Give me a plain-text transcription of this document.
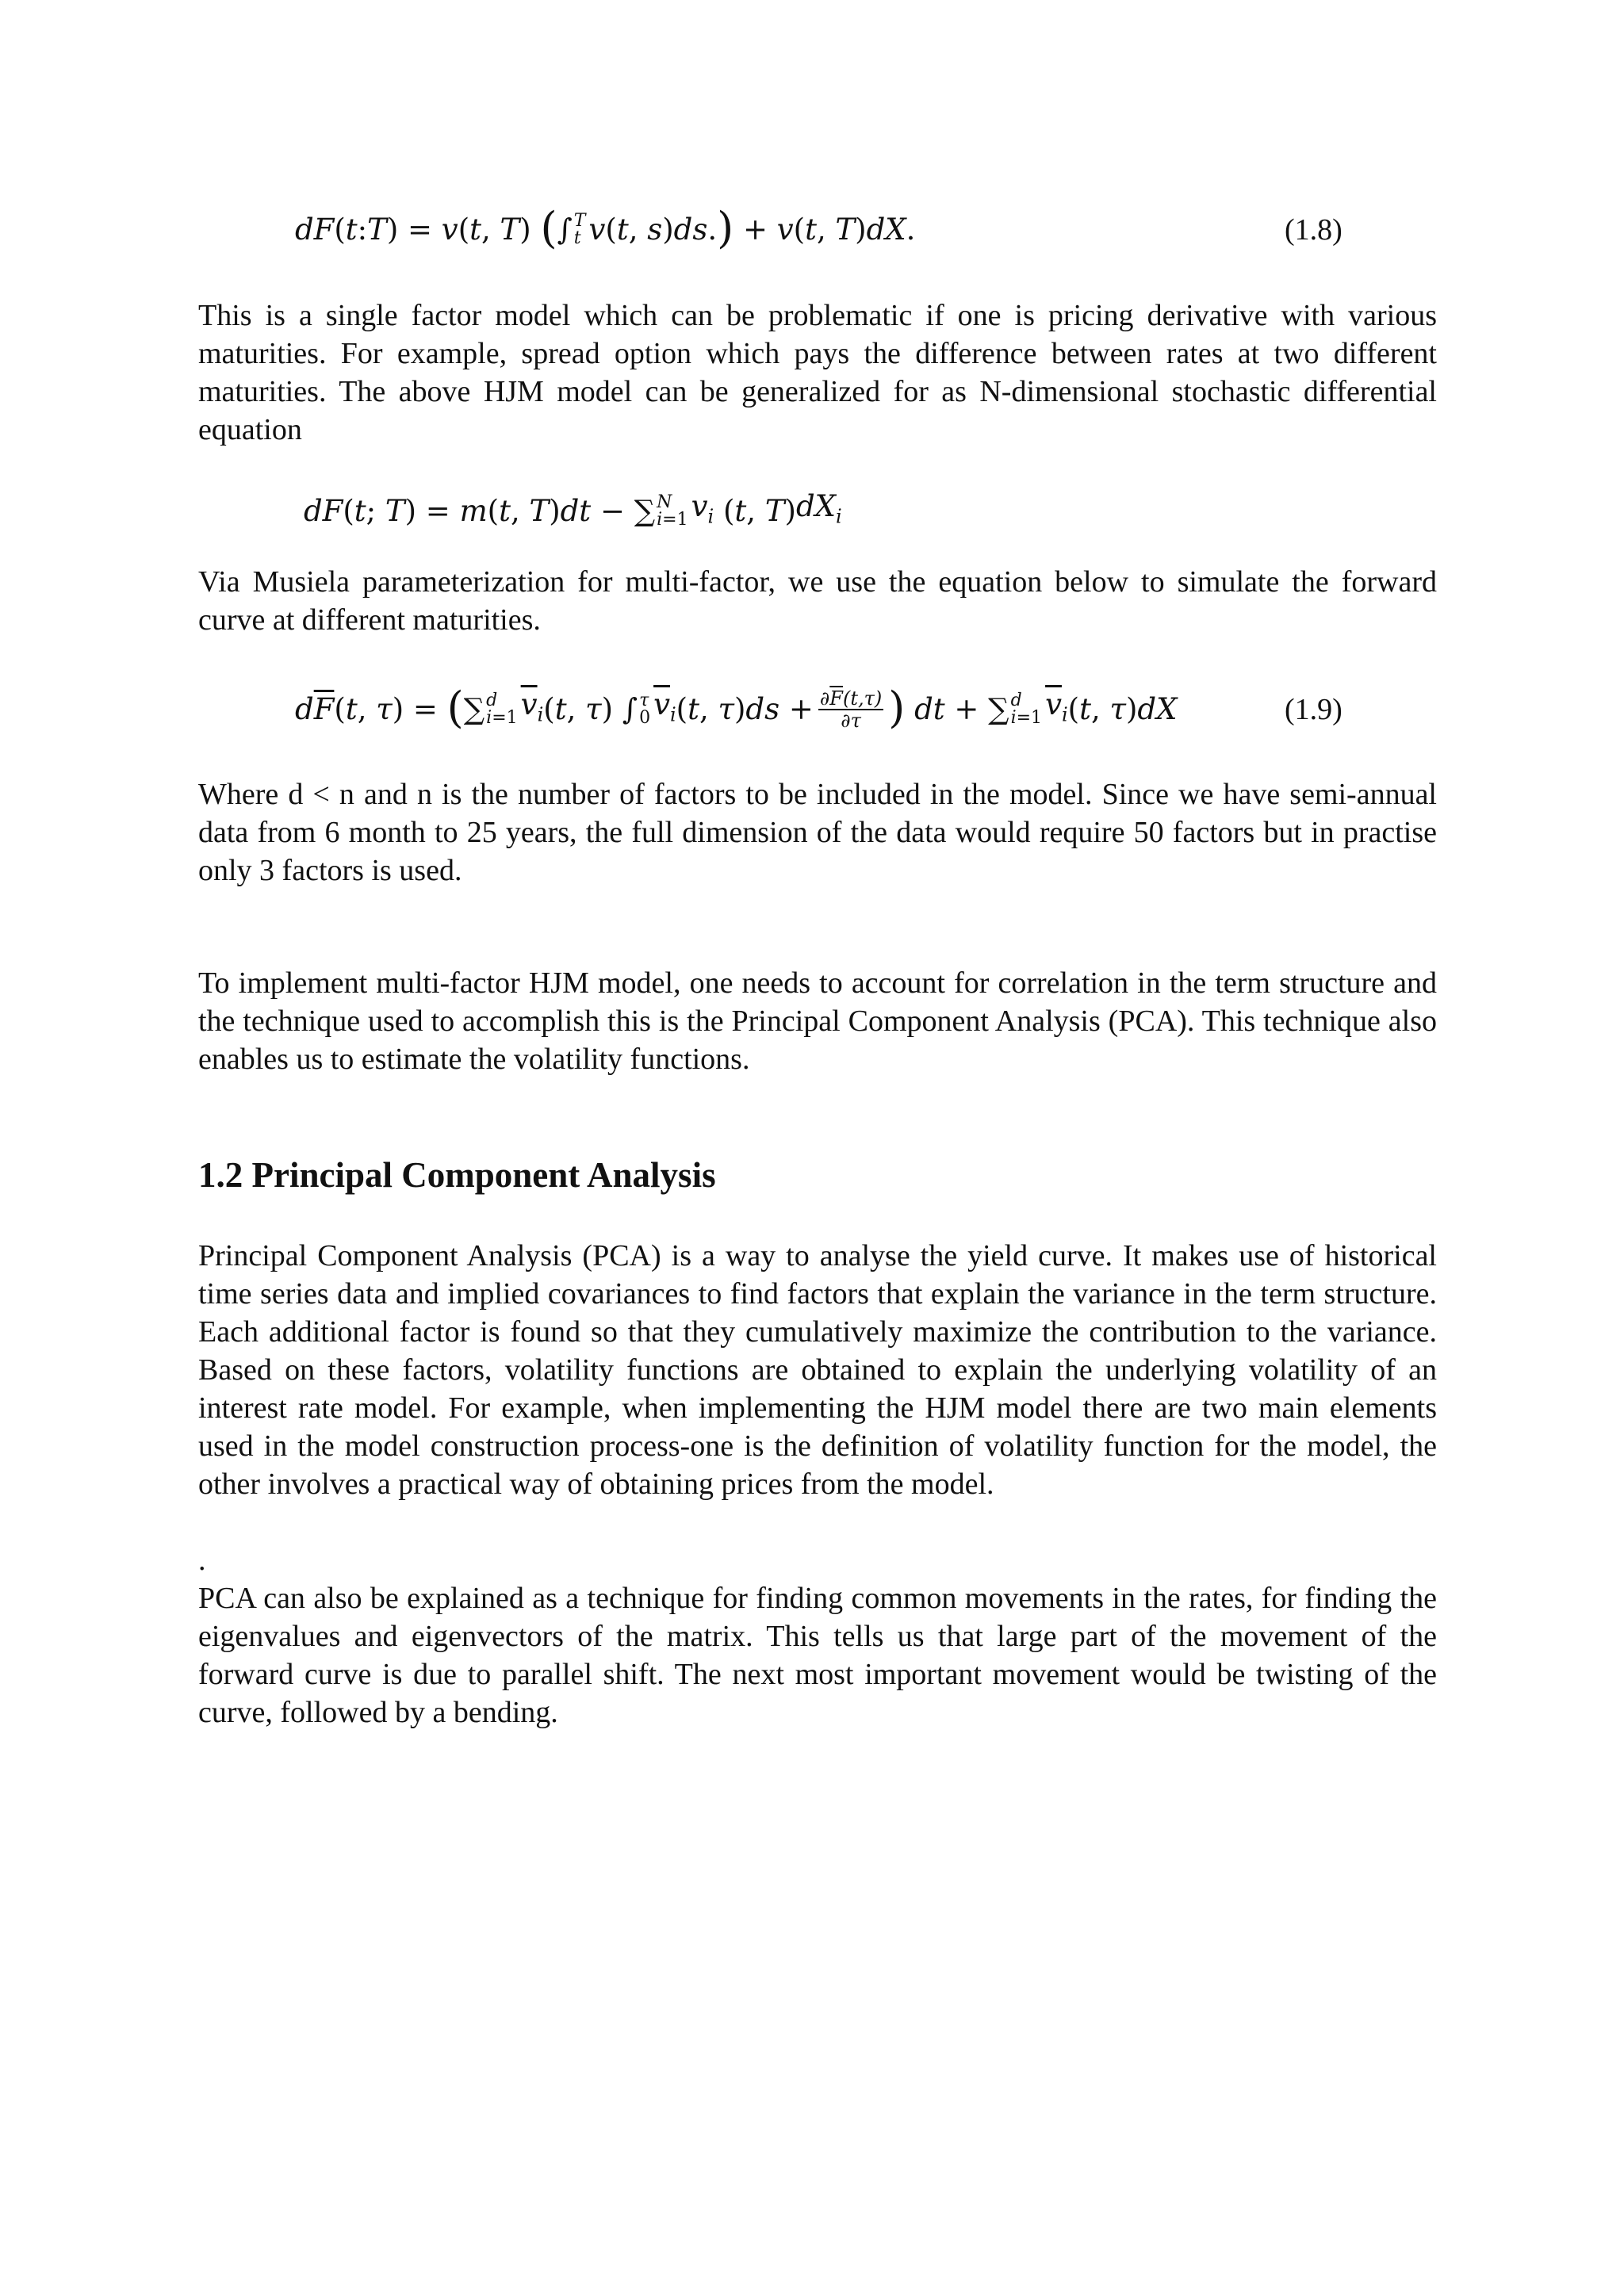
dF ( t : T ) = v ( t , T ) ( ∫ T
t v ( t , s ) ds . ) + v ( t , T ) dX .	(1.8)

This is a single factor model which can be problematic if one is pricing derivative with various maturities. For example, spread option which pays the difference between rates at two different maturities. The above HJM model can be generalized for as N-dimensional stochastic differential equation

dF ( t ; T ) = m ( t , T ) dt − ∑ N
i=1 $v_i$ ( t , T ) $dX_i$

Via Musiela parameterization for multi-factor, we use the equation below to simulate the forward curve at different maturities.

$d\overline{F}$ ( t , τ ) = ( ∑ d
i=1 $\overline{v}_i$ ( t , τ ) ∫ τ
0 $\overline{v}_i$ ( t , τ ) ds + $\frac{\partial\overline{F}(t,\tau)}{\partial\tau}$ ) dt + ∑ d
i=1 $\overline{v}_i$ ( t , τ ) dX	(1.9)

Where d < n and n is the number of factors to be included in the model. Since we have semi-annual data from 6 month to 25 years, the full dimension of the data would require 50 factors but in practise only 3 factors is used.

To implement multi-factor HJM model, one needs to account for correlation in the term structure and the technique used to accomplish this is the Principal Component Analysis (PCA). This technique also enables us to estimate the volatility functions.

1.2 Principal Component Analysis

Principal Component Analysis (PCA) is a way to analyse the yield curve. It makes use of historical time series data and implied covariances to find factors that explain the variance in the term structure. Each additional factor is found so that they cumulatively maximize the contribution to the variance. Based on these factors, volatility functions are obtained to explain the underlying volatility of an interest rate model. For example, when implementing the HJM model there are two main elements used in the model construction process-one is the definition of volatility function for the model, the other involves a practical way of obtaining prices from the model.

.

PCA can also be explained as a technique for finding common movements in the rates, for finding the eigenvalues and eigenvectors of the matrix. This tells us that large part of the movement of the forward curve is due to parallel shift. The next most important movement would be twisting of the curve, followed by a bending.
